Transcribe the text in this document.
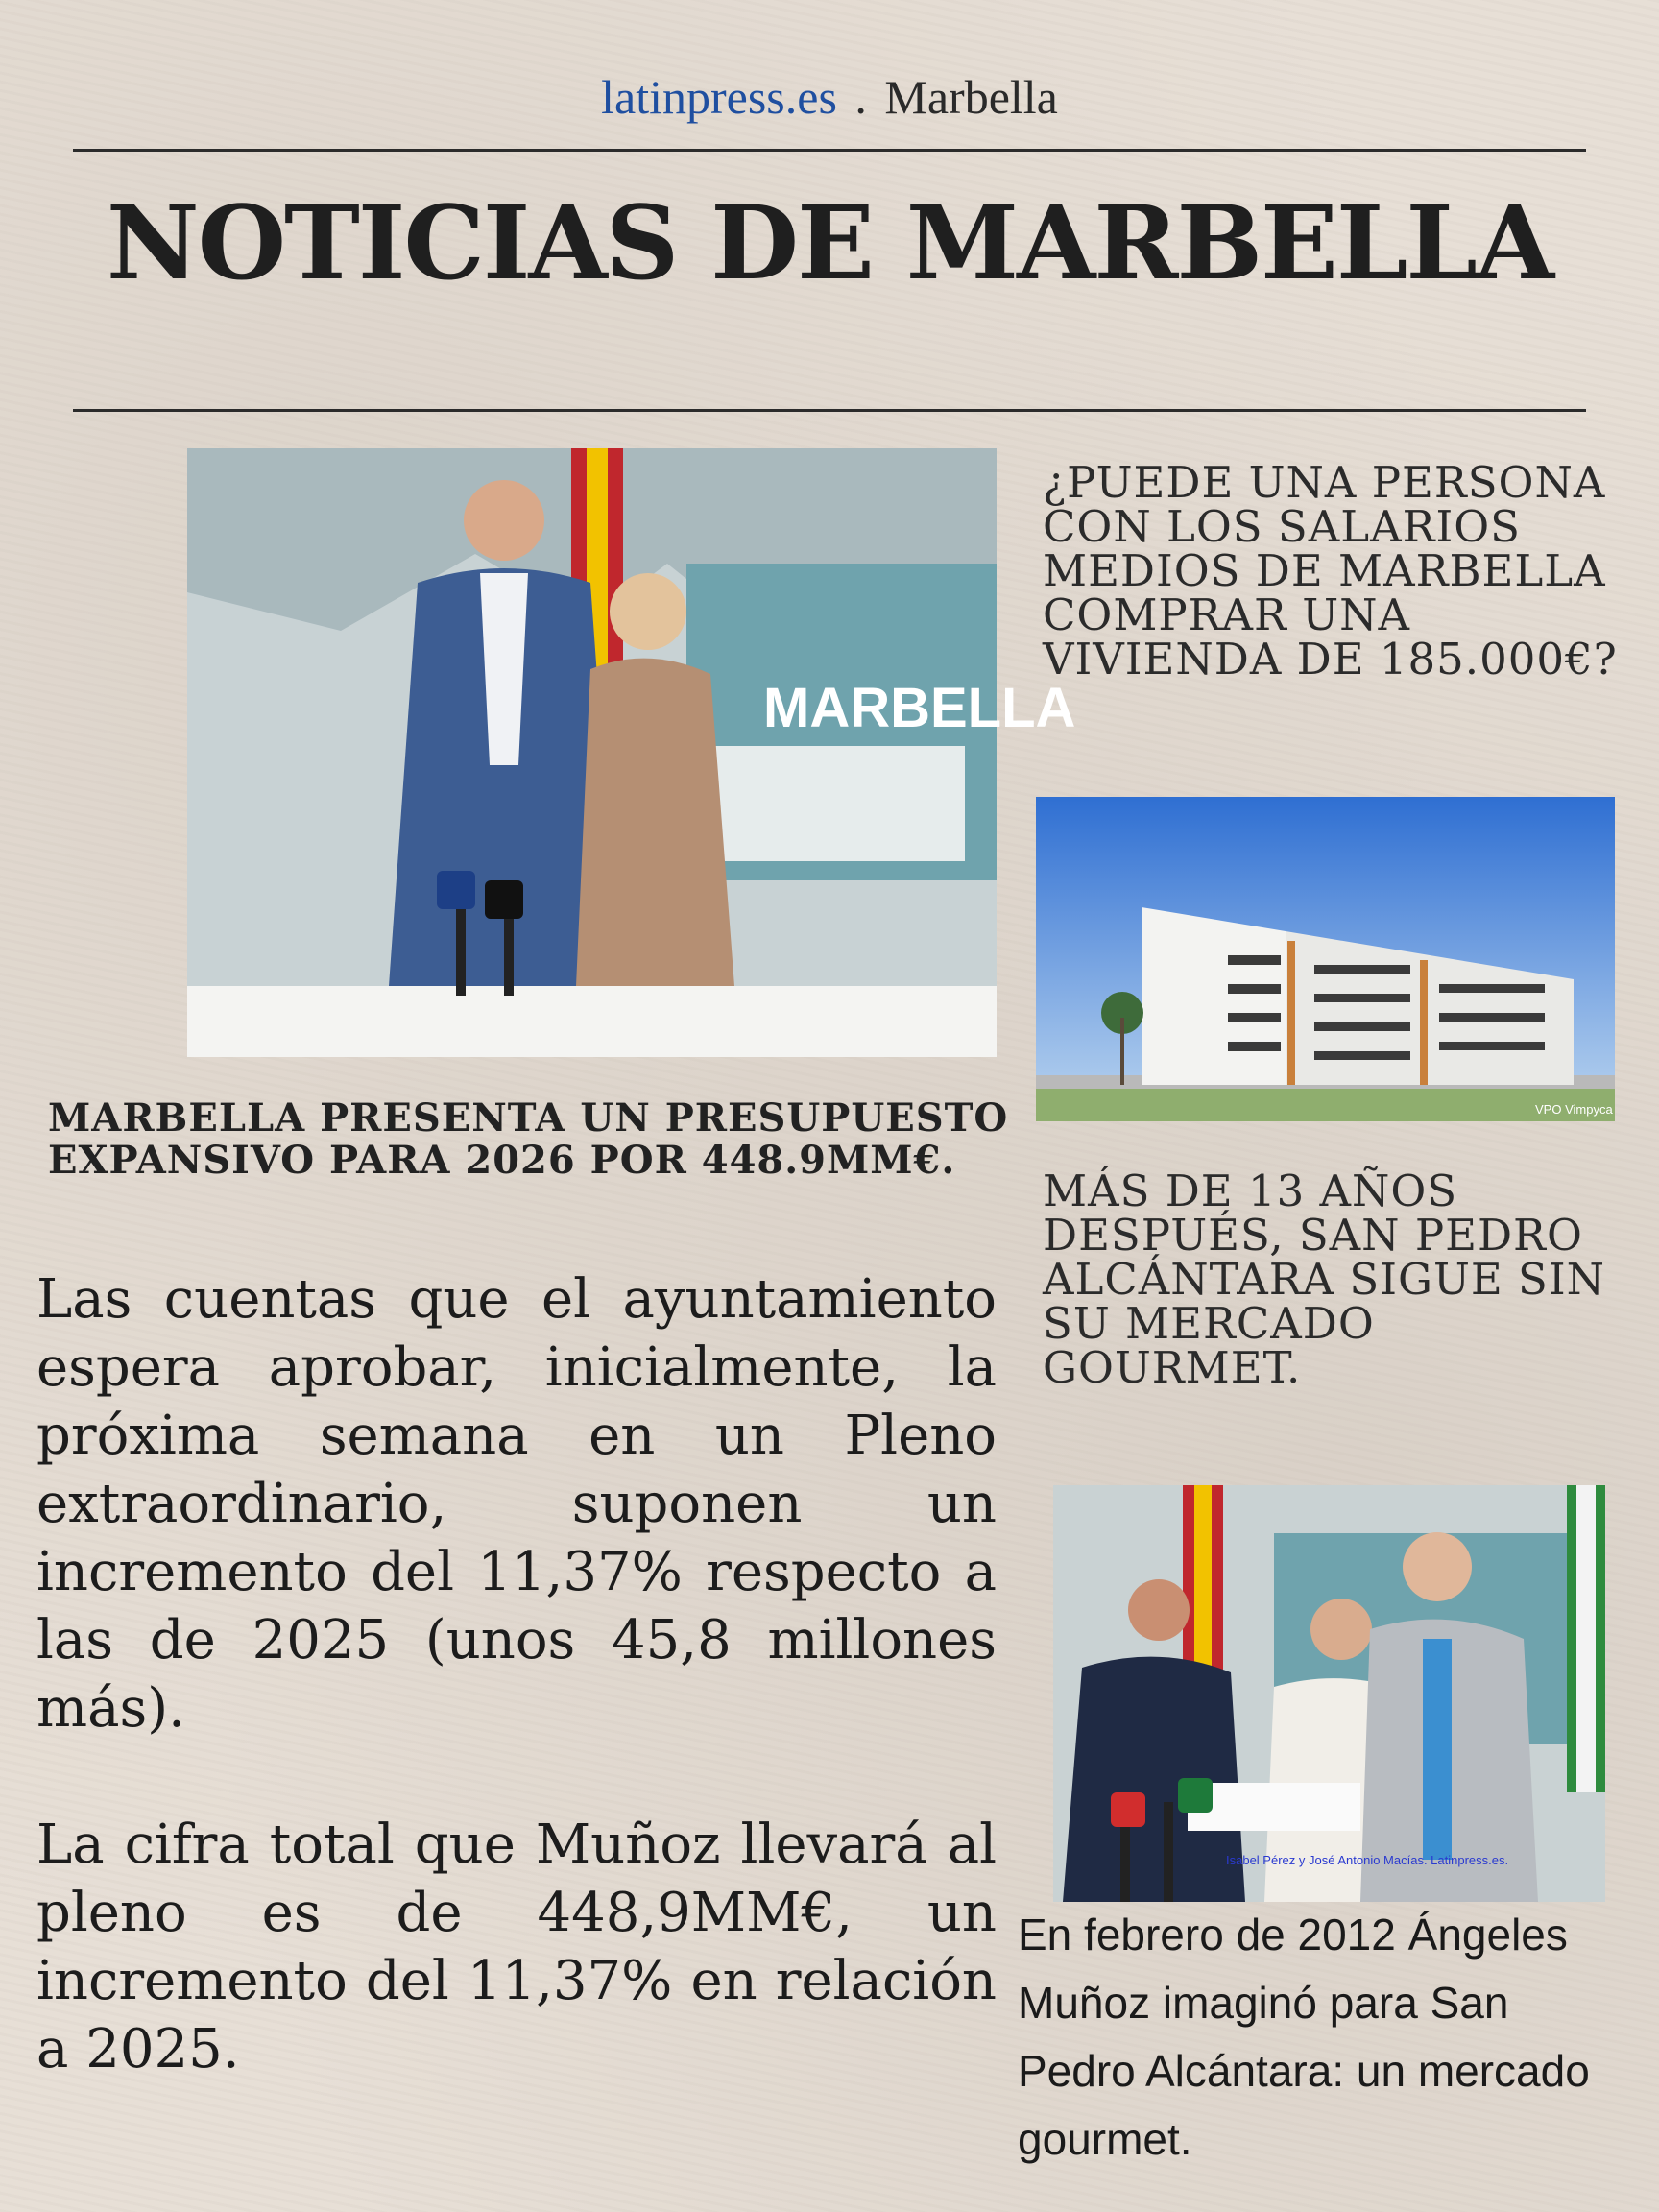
latinpress.es . Marbella
NOTICIAS DE MARBELLA
MARBELLA
¿PUEDE UNA PERSONA CON LOS SALARIOS MEDIOS DE MARBELLA COMPRAR UNA VIVIENDA DE 185.000€?
VPO Vimpyca
MARBELLA PRESENTA UN PRESUPUESTO EXPANSIVO PARA 2026 POR 448.9MM€.

Las cuentas que el ayuntamiento espera aprobar, inicialmente, la próxima semana en un Pleno extraordinario, suponen un incremento del 11,37% respecto a las de 2025 (unos 45,8 millones más).

La cifra total que Muñoz llevará al pleno es de 448,9MM€, un incremento del 11,37% en relación a 2025.

MÁS DE 13 AÑOS DESPUÉS, SAN PEDRO ALCÁNTARA SIGUE SIN SU MERCADO GOURMET.
Isabel Pérez y José Antonio Macías. Latinpress.es.
En febrero de 2012 Ángeles Muñoz imaginó para San Pedro Alcántara: un mercado gourmet.
